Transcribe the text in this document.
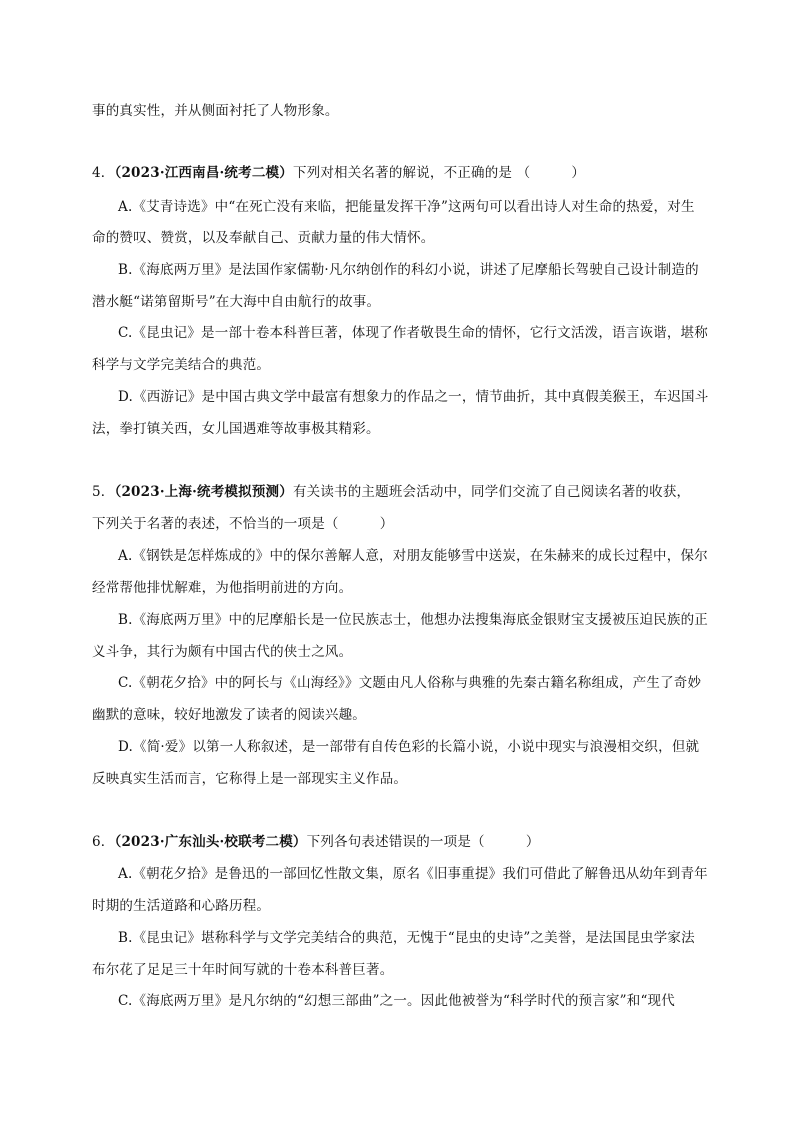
事的真实性，并从侧面衬托了人物形象。
4．（2023·江西南昌·统考二模）下列对相关名著的解说，不正确的是 （　　　）
A.《艾青诗选》中“在死亡没有来临，把能量发挥干净”这两句可以看出诗人对生命的热爱，对生
命的赞叹、赞赏，以及奉献自己、贡献力量的伟大情怀。
B.《海底两万里》是法国作家儒勒·凡尔纳创作的科幻小说，讲述了尼摩船长驾驶自己设计制造的
潜水艇“诺第留斯号”在大海中自由航行的故事。
C.《昆虫记》是一部十卷本科普巨著，体现了作者敬畏生命的情怀，它行文活泼，语言诙谐，堪称
科学与文学完美结合的典范。
D.《西游记》是中国古典文学中最富有想象力的作品之一，情节曲折，其中真假美猴王，车迟国斗
法，拳打镇关西，女儿国遇难等故事极其精彩。
5．（2023·上海·统考模拟预测）有关读书的主题班会活动中，同学们交流了自己阅读名著的收获，
下列关于名著的表述，不恰当的一项是（　　　）
A.《钢铁是怎样炼成的》中的保尔善解人意，对朋友能够雪中送炭，在朱赫来的成长过程中，保尔
经常帮他排忧解难，为他指明前进的方向。
B.《海底两万里》中的尼摩船长是一位民族志士，他想办法搜集海底金银财宝支援被压迫民族的正
义斗争，其行为颇有中国古代的侠士之风。
C.《朝花夕拾》中的阿长与《山海经》》文题由凡人俗称与典雅的先秦古籍名称组成，产生了奇妙
幽默的意味，较好地激发了读者的阅读兴趣。
D.《简·爱》以第一人称叙述，是一部带有自传色彩的长篇小说，小说中现实与浪漫相交织，但就
反映真实生活而言，它称得上是一部现实主义作品。
6．（2023·广东汕头·校联考二模）下列各句表述错误的一项是（　　　）
A.《朝花夕拾》是鲁迅的一部回忆性散文集，原名《旧事重提》我们可借此了解鲁迅从幼年到青年
时期的生活道路和心路历程。
B.《昆虫记》堪称科学与文学完美结合的典范，无愧于“昆虫的史诗”之美誉，是法国昆虫学家法
布尔花了足足三十年时间写就的十卷本科普巨著。
C.《海底两万里》是凡尔纳的“幻想三部曲”之一。因此他被誉为“科学时代的预言家”和“现代
